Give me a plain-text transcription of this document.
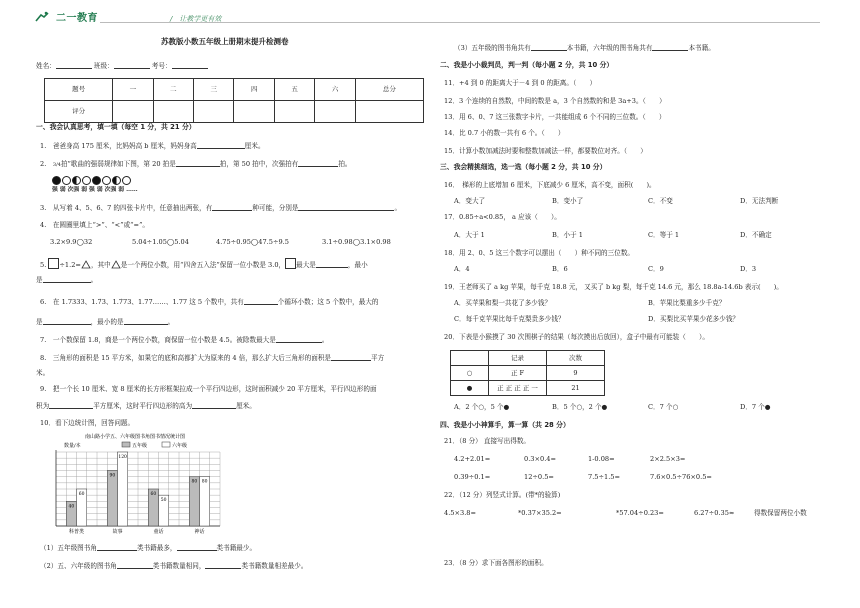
二一教育	/　让教学更有效
苏教版小数五年级上册期末提升检测卷
姓名：	班级：	考号：
题号	一	二	三	四	五	六	总分
评分							
一、我会认真思考，填一填（每空 1 分，共 21 分）
1.　爸爸身高 175 厘米，比妈妈高 b 厘米，妈妈身高	厘米。
2.　3/4拍”歌曲的强弱规律如下图，第 20 拍是	拍，第 50 拍中，次强拍有	拍。
强 弱 次强 弱 强 弱 次强 弱 ……
3.　从写着 4、5、6、7 的四张卡片中，任意抽出两张，有	种可能，分别是	。
4.　在圆圈里填上“>”、“<”或“=”。
3.2×9.9◯32	5.04÷1.05◯5.04	4.75÷0.95◯47.5÷9.5	3.1÷0.98◯3.1×0.98
5. ÷1.2= ，其中 是一个两位小数，用“四舍五入法”保留一位小数是 3.0， 最大是	，最小
是	。
6.　在 1.7333、1.7̇3、1.7̇73、1.77……、1.77 这 5 个数中，共有	个循环小数；这 5 个数中，最大的
是	，最小的是	。
7.　一个数保留 1.8，商是一个两位小数，商保留一位小数是 4.5。被除数最大是	。
8.　三角形的面积是 15 平方米，如果它的底和高都扩大为原来的 4 倍，那么扩大后三角形的面积是	平方
米。
9.　把一个长 10 厘米、宽 8 厘米的长方形框架拉成一个平行四边形，这时面积减少 20 平方厘米，平行四边形的面
积为	平方厘米，这时平行四边形的高为	厘米。
10．看下边统计图，回答问题。
南山路小学五、六年级图书角图书情况统计图
数量/本	五年级	六年级
40
60
90
120
60
50
80 80
科普类	故事	童话	神话
（1）五年级图书角	类书籍最多，	类书籍最少。
（2）五、六年级的图书角	类书籍数量相同，	类书籍数量相差最少。
（3）五年级的图书角共有	本书籍，六年级的图书角共有	本书籍。
二、我是小小裁判员，判一判（每小题 2 分，共 10 分）
11．+4 到 0 的距离大于－4 到 0 的距离。（　　）
12．3 个连续的自然数，中间的数是 a，3 个自然数的和是 3a+3。（　　）
13．用 6、0、7 这三张数字卡片，一共能组成 6 个不同的三位数。（　　）
14．比 0.7 小的数一共有 6 个。（　　）
15．计算小数加减法时要和整数加减法一样，都要数位对齐。（　　）
三、我会精挑细选，选一选（每小题 2 分，共 10 分）
16．　梯形的上底增加 6 厘米，下底减少 6 厘米，高不变，面积(　　)。
A．变大了	B．变小了	C．不变	D．无法判断
17．0.85÷a<0.85， a 应该（　　）。
A．大于 1	B．小于 1	C．等于 1	D．不确定
18．用 2、0、5 这三个数字可以摆出（　　）种不同的三位数。
A．4	B．6	C．9	D．3
19．王老师买了 a kg 苹果，每千克 18.8 元， 又买了 b kg 梨，每千克 14.6 元，那么 18.8a-14.6b 表示(　　)。
A．买苹果和梨一共花了多少钱？	B．苹果比梨重多少千克？
C．每千克苹果比每千克梨贵多少钱？	D．买梨比买苹果少花多少钱？
20．下表是小猴摸了 30 次围棋子的结果（每次摸出后放回），盒子中最有可能装（　　）。
	记录	次数
○	正 F	9
●	正 正 正 正 一	21
A．2 个○，5 个●	B．5 个○，2 个●	C．7 个○	D．7 个●
四、我是小小神算手，算一算（共 28 分）
21．（8 分） 直接写出得数。
4.2+2.01=	0.3×0.4=	1-0.08=	2×2.5×3=
0.39÷0.1=	12÷0.5=	7.5÷1.5=	7.6×0.5÷76×0.5=
22．（12 分）列竖式计算。(带*的验算)
4.5×3.8=	*0.37×35.2=	*57.04÷0.23=	6.27÷0.35≈	得数保留两位小数
23．（8 分）求下面各图形的面积。
